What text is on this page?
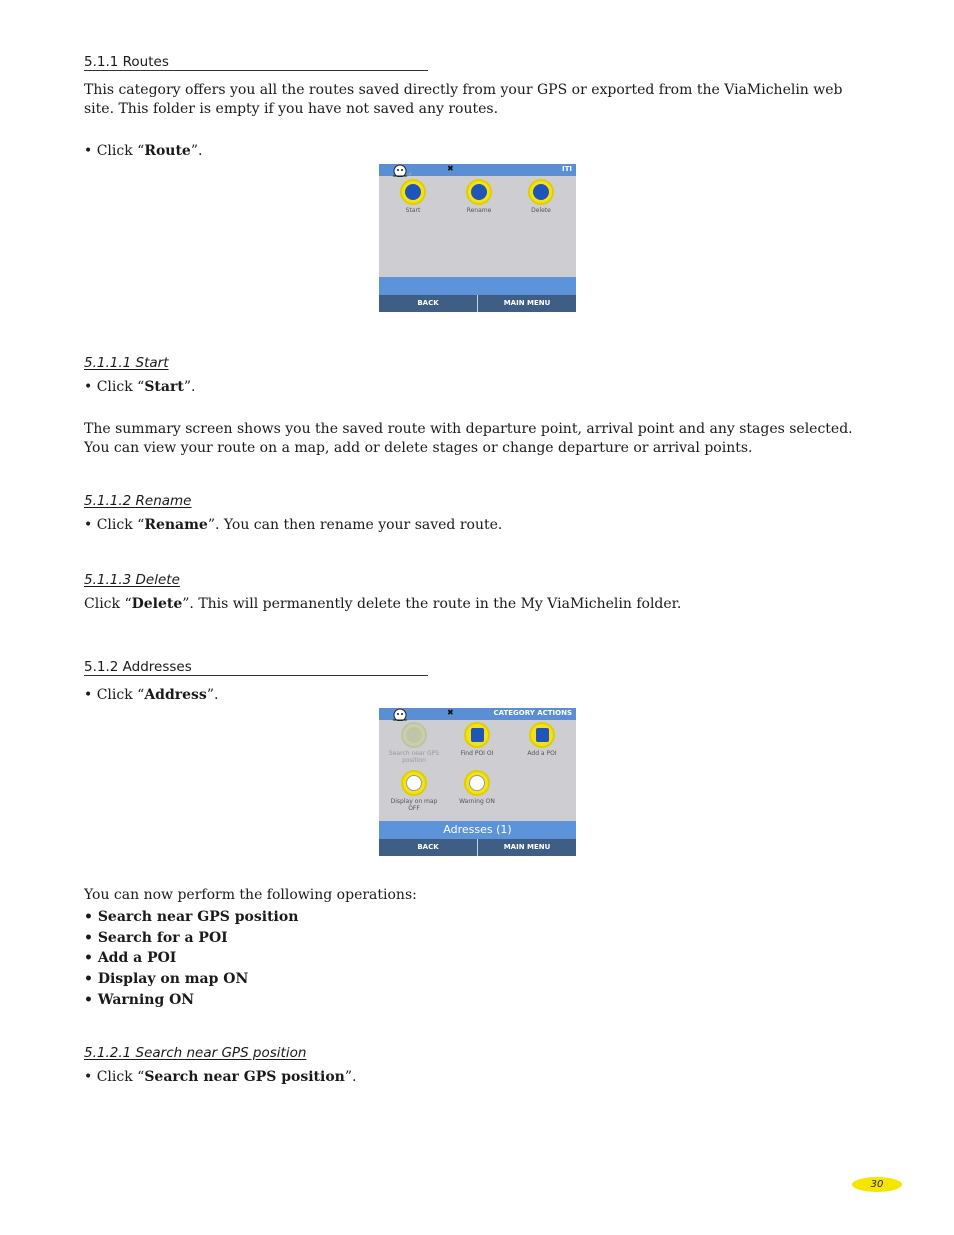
5.1.1 Routes

This category offers you all the routes saved directly from your GPS or exported from the ViaMichelin web site. This folder is empty if you have not saved any routes.

• Click “Route”.

✖	ITI
Start	Rename	Delete
BACK	MAIN MENU
5.1.1.1 Start

• Click “Start”.

The summary screen shows you the saved route with departure point, arrival point and any stages selected. You can view your route on a map, add or delete stages or change departure or arrival points.

5.1.1.2 Rename

• Click “Rename”. You can then rename your saved route.

5.1.1.3 Delete

Click “Delete”. This will permanently delete the route in the My ViaMichelin folder.

5.1.2 Addresses

• Click “Address”.

✖	CATEGORY ACTIONS
Search near GPS position
Find POI OI	Add a POI
Display on map OFF
Warning ON
Adresses (1)
BACK	MAIN MENU

You can now perform the following operations:

• Search near GPS position
• Search for a POI
• Add a POI
• Display on map ON
• Warning ON
5.1.2.1 Search near GPS position

• Click “Search near GPS position”.

30
